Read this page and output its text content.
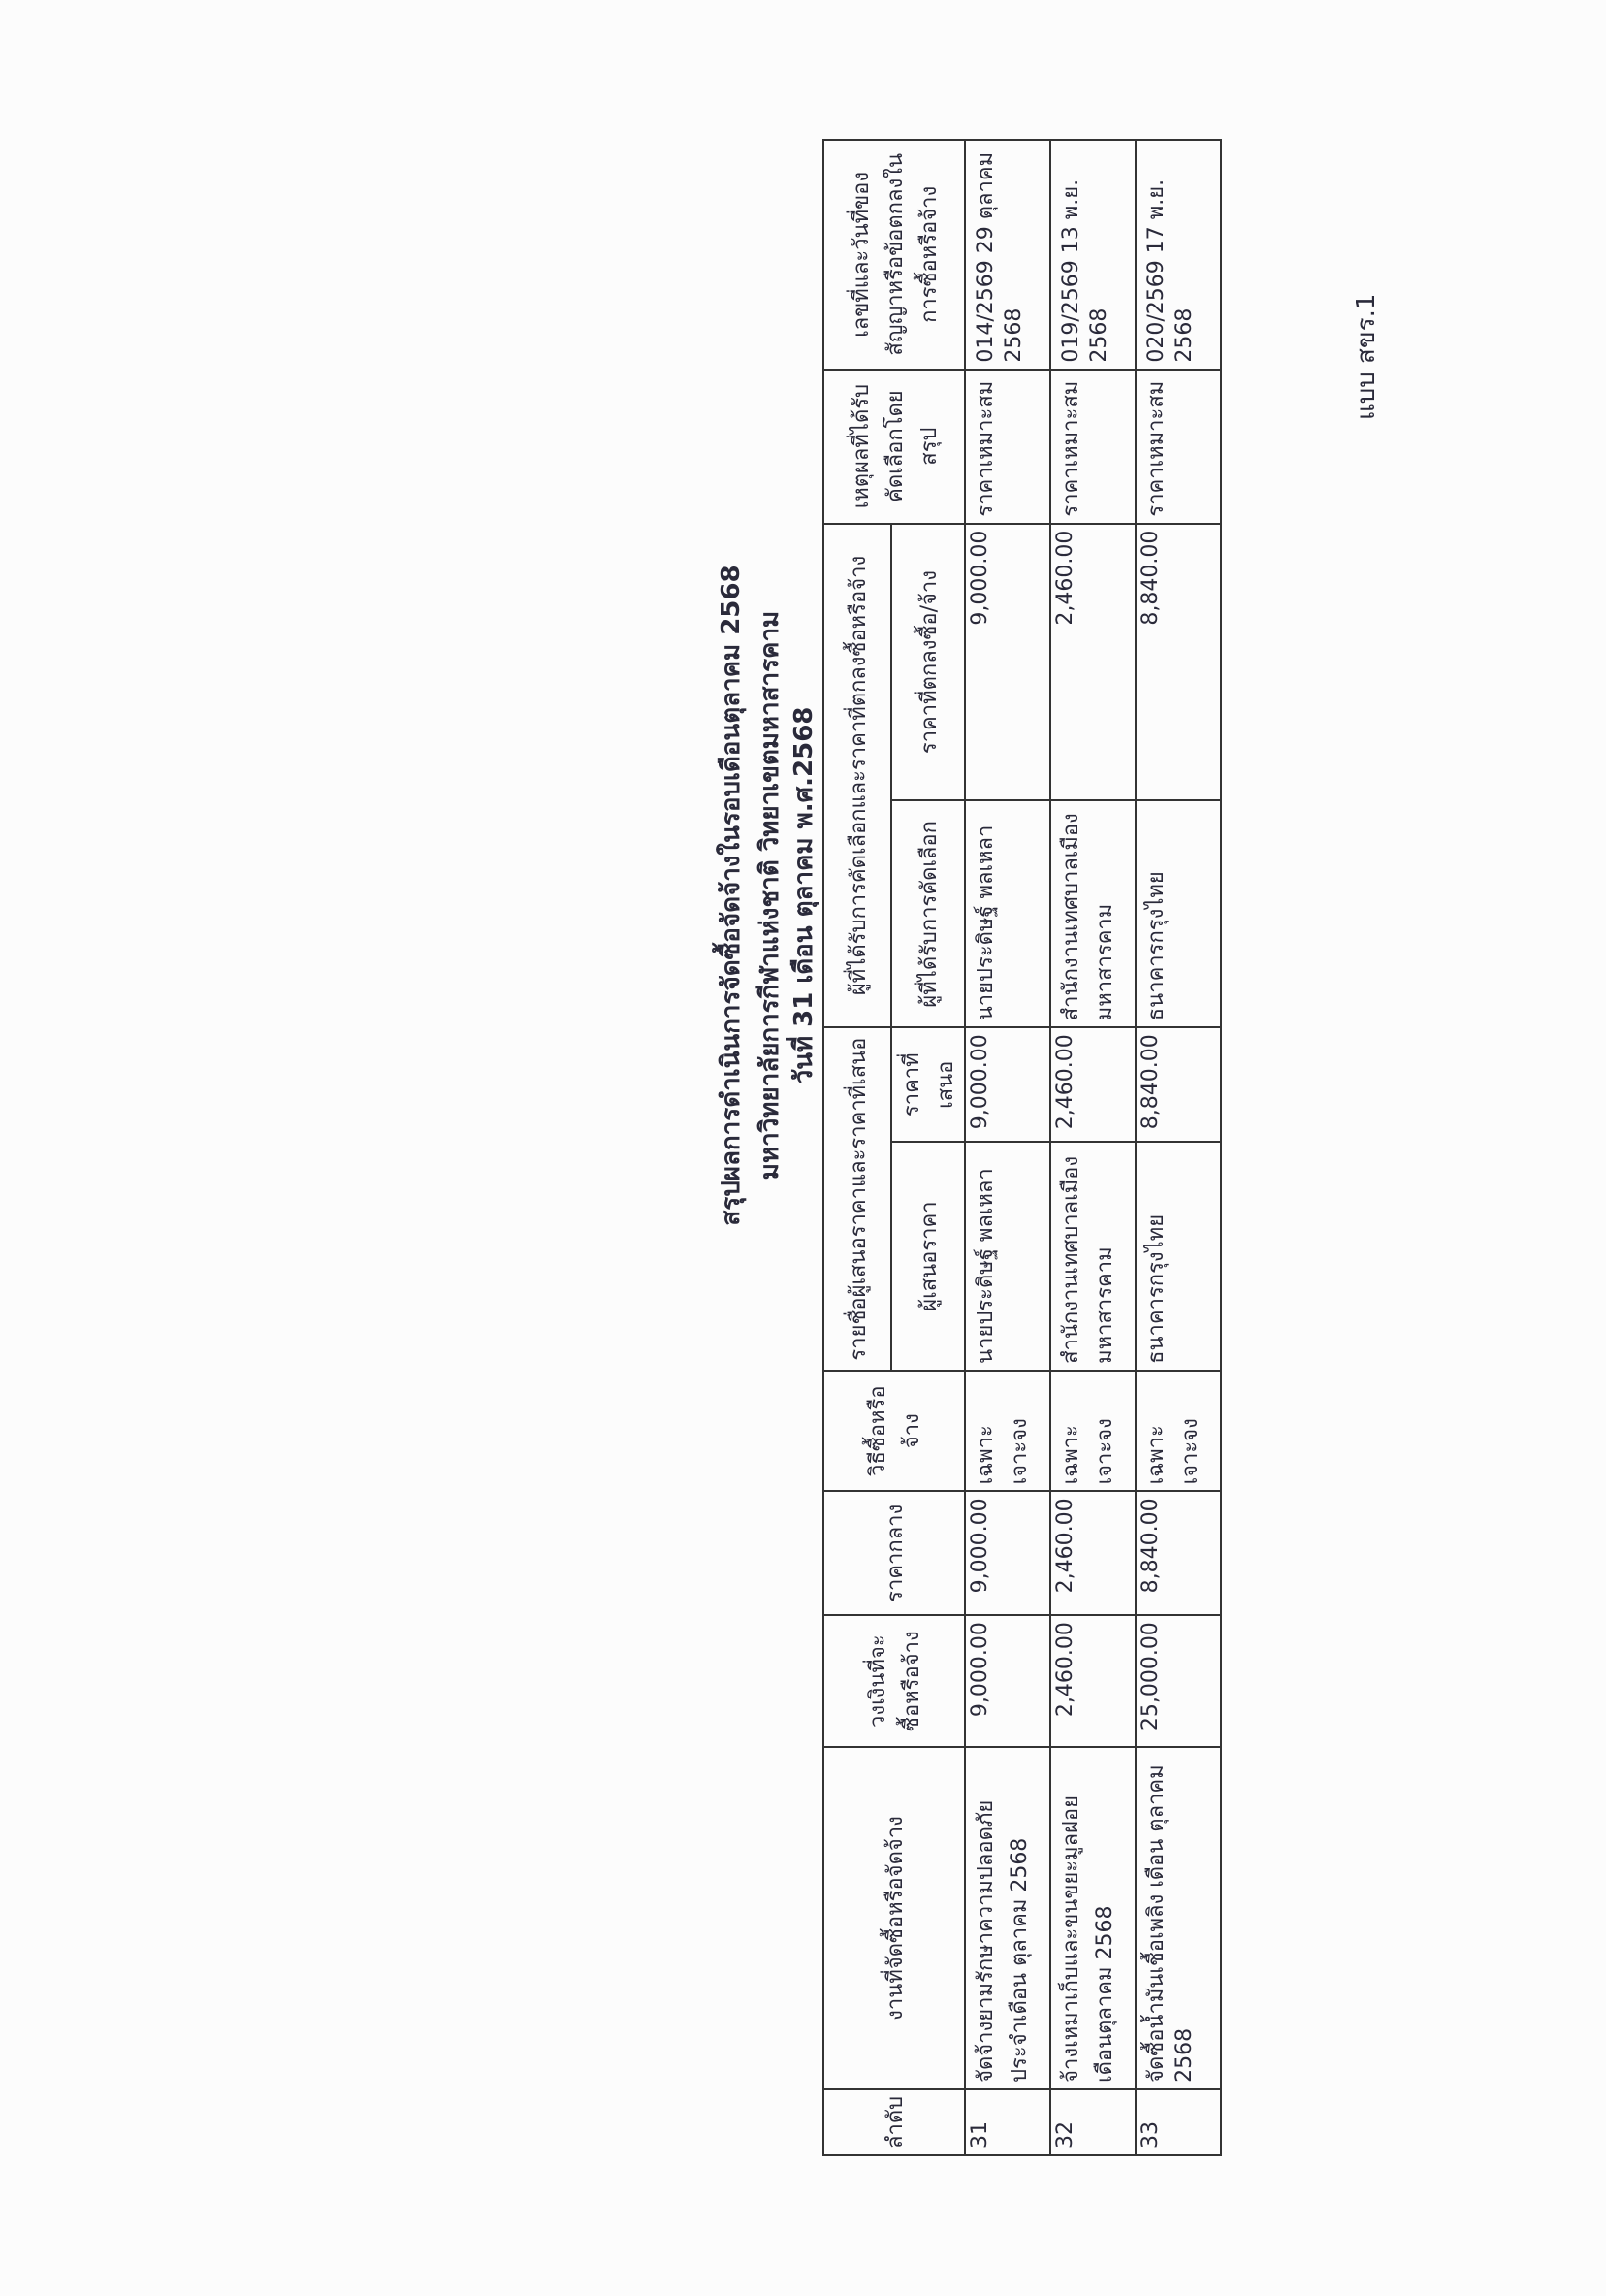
แบบ สขร.1
สรุปผลการดำเนินการจัดซื้อจัดจ้างในรอบเดือนตุลาคม 2568 มหาวิทยาลัยการกีฬาแห่งชาติ วิทยาเขตมหาสารคาม วันที่ 31 เดือน ตุลาคม พ.ศ.2568
ลำดับ	งานที่จัดซื้อหรือจัดจ้าง	วงเงินที่จะซื้อหรือจ้าง	ราคากลาง	วิธีซื้อหรือจ้าง	รายชื่อผู้เสนอราคาและราคาที่เสนอ		ผู้ที่ได้รับการคัดเลือกและราคาที่ตกลงซื้อหรือจ้าง		เหตุผลที่ได้รับคัดเลือกโดยสรุป	เลขที่และวันที่ของสัญญาหรือข้อตกลงในการซื้อหรือจ้าง
					ผู้เสนอราคา	ราคาที่เสนอ	ผู้ที่ได้รับการคัดเลือก	ราคาที่ตกลงซื้อ/จ้าง		
31	จัดจ้างยามรักษาความปลอดภัย ประจำเดือน ตุลาคม 2568	9,000.00	9,000.00	เฉพาะเจาะจง	นายประดิษฐ์ พลเหลา	9,000.00	นายประดิษฐ์ พลเหลา	9,000.00	ราคาเหมาะสม	014/2569 29 ตุลาคม 2568
32	จ้างเหมาเก็บและขนขยะมูลฝอย เดือนตุลาคม 2568	2,460.00	2,460.00	เฉพาะเจาะจง	สำนักงานเทศบาลเมือง มหาสารคาม	2,460.00	สำนักงานเทศบาลเมือง มหาสารคาม	2,460.00	ราคาเหมาะสม	019/2569 13 พ.ย. 2568
33	จัดซื้อน้ำมันเชื้อเพลิง เดือน ตุลาคม 2568	25,000.00	8,840.00	เฉพาะเจาะจง	ธนาคารกรุงไทย	8,840.00	ธนาคารกรุงไทย	8,840.00	ราคาเหมาะสม	020/2569 17 พ.ย. 2568
